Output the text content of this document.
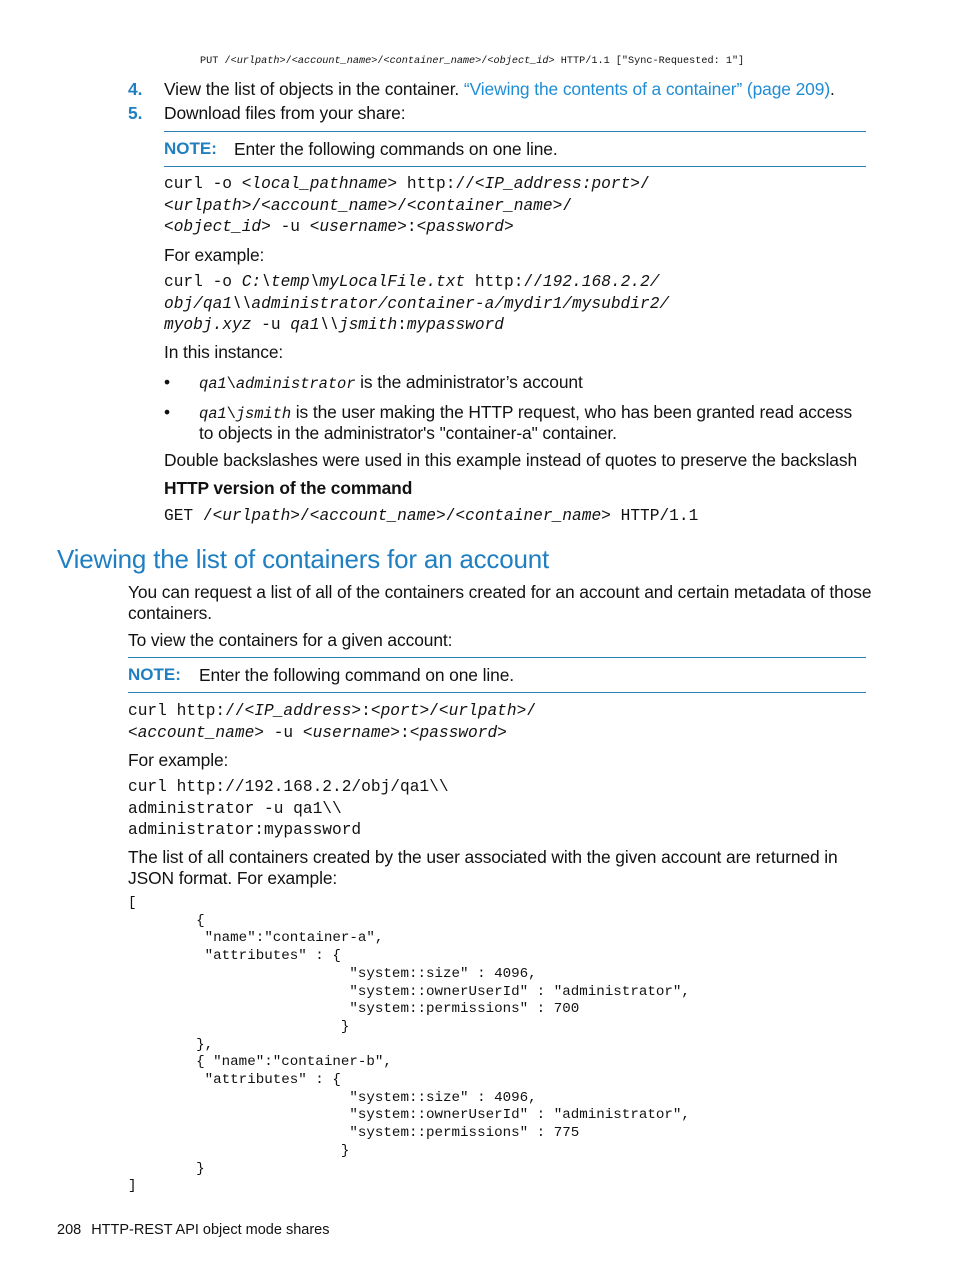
PUT /<urlpath>/<account_name>/<container_name>/<object_id> HTTP/1.1 ["Sync-Requested: 1"]
4. View the list of objects in the container. “Viewing the contents of a container” (page 209).
5. Download files from your share:
NOTE: Enter the following commands on one line.
curl -o <local_pathname> http://<IP_address:port>/
<urlpath>/<account_name>/<container_name>/
<object_id> -u <username>:<password>
For example:
curl -o C:\temp\myLocalFile.txt http://192.168.2.2/
obj/qa1\\administrator/container-a/mydir1/mysubdir2/
myobj.xyz -u qa1\\jsmith:mypassword
In this instance:
• qa1\administrator is the administrator’s account
• qa1\jsmith is the user making the HTTP request, who has been granted read access
to objects in the administrator's "container-a" container.
Double backslashes were used in this example instead of quotes to preserve the backslash
HTTP version of the command
GET /<urlpath>/<account_name>/<container_name> HTTP/1.1
Viewing the list of containers for an account
You can request a list of all of the containers created for an account and certain metadata of those
containers.
To view the containers for a given account:
NOTE: Enter the following command on one line.
curl http://<IP_address>:<port>/<urlpath>/
<account_name> -u <username>:<password>
For example:
curl http://192.168.2.2/obj/qa1\\
administrator -u qa1\\
administrator:mypassword
The list of all containers created by the user associated with the given account are returned in
JSON format. For example:
[
{
"name":"container-a",
"attributes" : {
"system::size" : 4096,
"system::ownerUserId" : "administrator",
"system::permissions" : 700
}
},
{ "name":"container-b",
"attributes" : {
"system::size" : 4096,
"system::ownerUserId" : "administrator",
"system::permissions" : 775
}
}
]
208 HTTP-REST API object mode shares
